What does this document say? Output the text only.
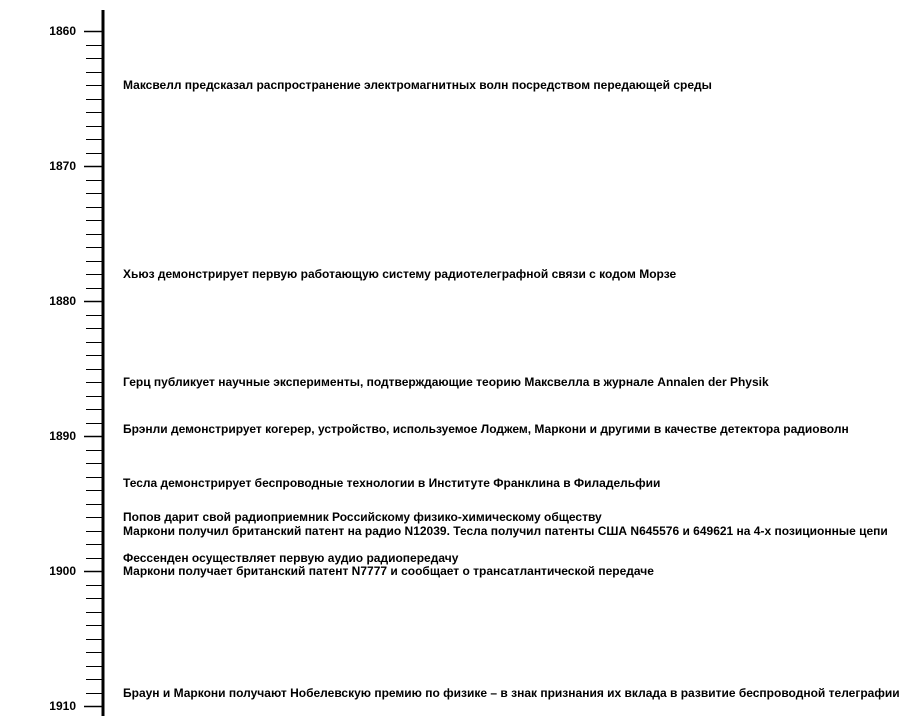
1860
1870
1880
1890
1900
1910
Максвелл предсказал распространение электромагнитных волн посредством передающей среды
Хьюз демонстрирует первую работающую систему радиотелеграфной связи с кодом Морзе
Герц публикует научные эксперименты, подтверждающие теорию Максвелла в журнале Annalen der Physik
Брэнли демонстрирует когерер, устройство, используемое Лоджем, Маркони и другими в качестве детектора радиоволн
Тесла демонстрирует беспроводные технологии в Институте Франклина в Филадельфии
Попов дарит свой радиоприемник Российскому физико-химическому обществу
Маркони получил британский патент на радио N12039. Тесла получил патенты США N645576 и 649621 на 4-х позиционные цепи
Фессенден осуществляет первую аудио радиопередачу
Маркони получает британский патент N7777 и сообщает о трансатлантической передаче
Браун и Маркони получают Нобелевскую премию по физике – в знак признания их вклада в развитие беспроводной телеграфии
